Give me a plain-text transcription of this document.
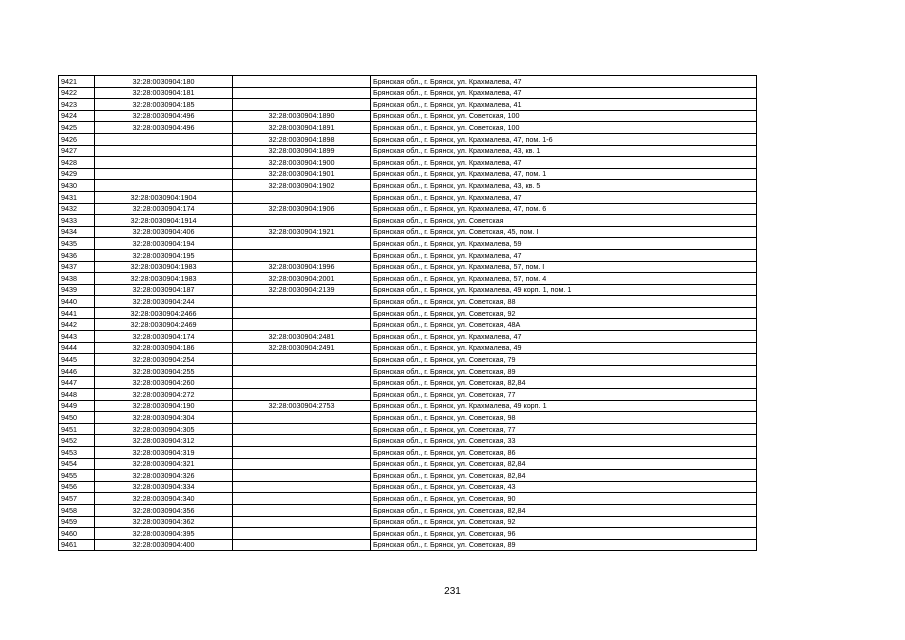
9421	32:28:0030904:180		Брянская обл., г. Брянск, ул. Крахмалева, 47
9422	32:28:0030904:181		Брянская обл., г. Брянск, ул. Крахмалева, 47
9423	32:28:0030904:185		Брянская обл., г. Брянск, ул. Крахмалева, 41
9424	32:28:0030904:496	32:28:0030904:1890	Брянская обл., г. Брянск, ул. Советская, 100
9425	32:28:0030904:496	32:28:0030904:1891	Брянская обл., г. Брянск, ул. Советская, 100
9426		32:28:0030904:1898	Брянская обл., г. Брянск, ул. Крахмалева, 47, пом. 1-6
9427		32:28:0030904:1899	Брянская обл., г. Брянск, ул. Крахмалева, 43, кв. 1
9428		32:28:0030904:1900	Брянская обл., г. Брянск, ул. Крахмалева, 47
9429		32:28:0030904:1901	Брянская обл., г. Брянск, ул. Крахмалева, 47, пом. 1
9430		32:28:0030904:1902	Брянская обл., г. Брянск, ул. Крахмалева, 43, кв. 5
9431	32:28:0030904:1904		Брянская обл., г. Брянск, ул. Крахмалева, 47
9432	32:28:0030904:174	32:28:0030904:1906	Брянская обл., г. Брянск, ул. Крахмалева, 47, пом. 6
9433	32:28:0030904:1914		Брянская обл., г. Брянск, ул. Советская
9434	32:28:0030904:406	32:28:0030904:1921	Брянская обл., г. Брянск, ул. Советская, 45, пом. I
9435	32:28:0030904:194		Брянская обл., г. Брянск, ул. Крахмалева, 59
9436	32:28:0030904:195		Брянская обл., г. Брянск, ул. Крахмалева, 47
9437	32:28:0030904:1983	32:28:0030904:1996	Брянская обл., г. Брянск, ул. Крахмалева, 57, пом. I
9438	32:28:0030904:1983	32:28:0030904:2001	Брянская обл., г. Брянск, ул. Крахмалева, 57, пом. 4
9439	32:28:0030904:187	32:28:0030904:2139	Брянская обл., г. Брянск, ул. Крахмалева, 49 корп. 1, пом. 1
9440	32:28:0030904:244		Брянская обл., г. Брянск, ул. Советская, 88
9441	32:28:0030904:2466		Брянская обл., г. Брянск, ул. Советская, 92
9442	32:28:0030904:2469		Брянская обл., г. Брянск, ул. Советская, 48А
9443	32:28:0030904:174	32:28:0030904:2481	Брянская обл., г. Брянск, ул. Крахмалева, 47
9444	32:28:0030904:186	32:28:0030904:2491	Брянская обл., г. Брянск, ул. Крахмалева, 49
9445	32:28:0030904:254		Брянская обл., г. Брянск, ул. Советская, 79
9446	32:28:0030904:255		Брянская обл., г. Брянск, ул. Советская, 89
9447	32:28:0030904:260		Брянская обл., г. Брянск, ул. Советская, 82,84
9448	32:28:0030904:272		Брянская обл., г. Брянск, ул. Советская, 77
9449	32:28:0030904:190	32:28:0030904:2753	Брянская обл., г. Брянск, ул. Крахмалева, 49 корп. 1
9450	32:28:0030904:304		Брянская обл., г. Брянск, ул. Советская, 98
9451	32:28:0030904:305		Брянская обл., г. Брянск, ул. Советская, 77
9452	32:28:0030904:312		Брянская обл., г. Брянск, ул. Советская, 33
9453	32:28:0030904:319		Брянская обл., г. Брянск, ул. Советская, 86
9454	32:28:0030904:321		Брянская обл., г. Брянск, ул. Советская, 82,84
9455	32:28:0030904:326		Брянская обл., г. Брянск, ул. Советская, 82,84
9456	32:28:0030904:334		Брянская обл., г. Брянск, ул. Советская, 43
9457	32:28:0030904:340		Брянская обл., г. Брянск, ул. Советская, 90
9458	32:28:0030904:356		Брянская обл., г. Брянск, ул. Советская, 82,84
9459	32:28:0030904:362		Брянская обл., г. Брянск, ул. Советская, 92
9460	32:28:0030904:395		Брянская обл., г. Брянск, ул. Советская, 96
9461	32:28:0030904:400		Брянская обл., г. Брянск, ул. Советская, 89
231
